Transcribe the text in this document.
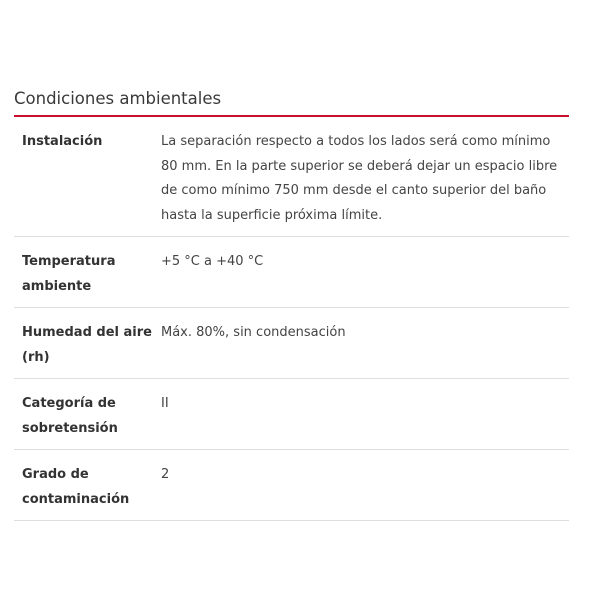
Condiciones ambientales
Instalación	La separación respecto a todos los lados será como mínimo 80 mm. En la parte superior se deberá dejar un espacio libre de como mínimo 750 mm desde el canto superior del baño hasta la superficie próxima límite.
Temperatura ambiente	+5 °C a +40 °C
Humedad del aire (rh)	Máx. 80%, sin condensación
Categoría de sobretensión	II
Grado de contaminación	2
